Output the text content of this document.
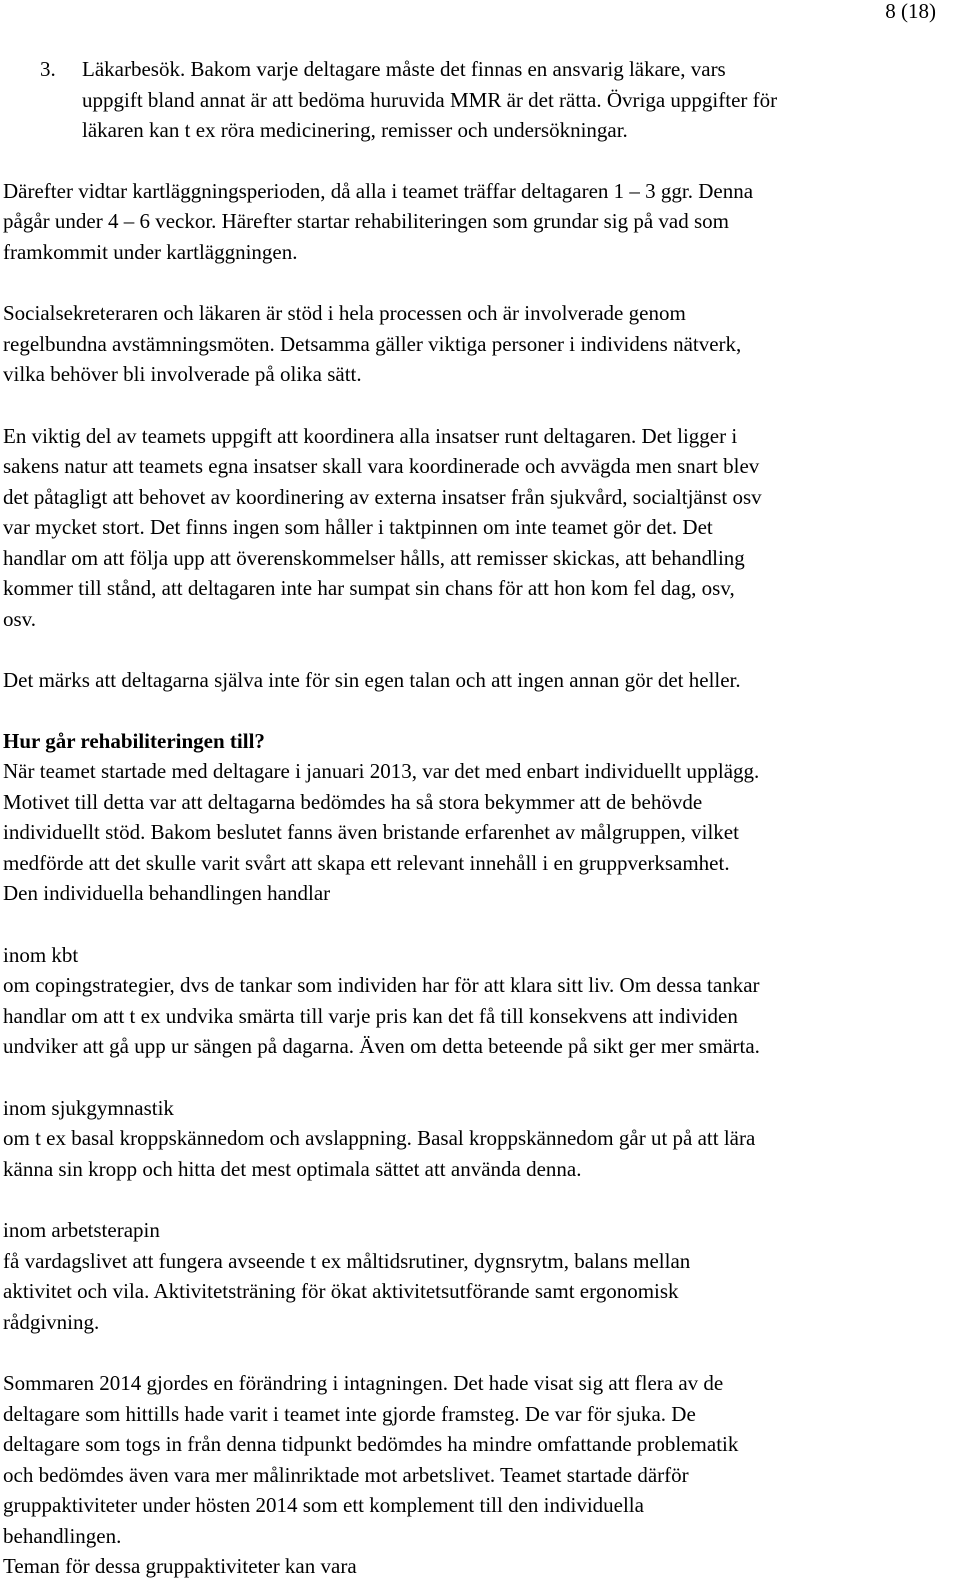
8 (18)
3.	Läkarbesök. Bakom varje deltagare måste det finnas en ansvarig läkare, vars
uppgift bland annat är att bedöma huruvida MMR är det rätta. Övriga uppgifter för
läkaren kan t ex röra medicinering, remisser och undersökningar.

Därefter vidtar kartläggningsperioden, då alla i teamet träffar deltagaren 1 – 3 ggr. Denna
pågår under 4 – 6 veckor. Härefter startar rehabiliteringen som grundar sig på vad som
framkommit under kartläggningen.

Socialsekreteraren och läkaren är stöd i hela processen och är involverade genom
regelbundna avstämningsmöten. Detsamma gäller viktiga personer i individens nätverk,
vilka behöver bli involverade på olika sätt.

En viktig del av teamets uppgift att koordinera alla insatser runt deltagaren. Det ligger i
sakens natur att teamets egna insatser skall vara koordinerade och avvägda men snart blev
det påtagligt att behovet av koordinering av externa insatser från sjukvård, socialtjänst osv
var mycket stort. Det finns ingen som håller i taktpinnen om inte teamet gör det. Det
handlar om att följa upp att överenskommelser hålls, att remisser skickas, att behandling
kommer till stånd, att deltagaren inte har sumpat sin chans för att hon kom fel dag, osv,
osv.

Det märks att deltagarna själva inte för sin egen talan och att ingen annan gör det heller.

Hur går rehabiliteringen till?

När teamet startade med deltagare i januari 2013, var det med enbart individuellt upplägg.
Motivet till detta var att deltagarna bedömdes ha så stora bekymmer att de behövde
individuellt stöd. Bakom beslutet fanns även bristande erfarenhet av målgruppen, vilket
medförde att det skulle varit svårt att skapa ett relevant innehåll i en gruppverksamhet.
Den individuella behandlingen handlar

inom kbt
om copingstrategier, dvs de tankar som individen har för att klara sitt liv. Om dessa tankar
handlar om att t ex undvika smärta till varje pris kan det få till konsekvens att individen
undviker att gå upp ur sängen på dagarna. Även om detta beteende på sikt ger mer smärta.

inom sjukgymnastik
om t ex basal kroppskännedom och avslappning. Basal kroppskännedom går ut på att lära
känna sin kropp och hitta det mest optimala sättet att använda denna.

inom arbetsterapin
få vardagslivet att fungera avseende t ex måltidsrutiner, dygnsrytm, balans mellan
aktivitet och vila. Aktivitetsträning för ökat aktivitetsutförande samt ergonomisk
rådgivning.

Sommaren 2014 gjordes en förändring i intagningen. Det hade visat sig att flera av de
deltagare som hittills hade varit i teamet inte gjorde framsteg. De var för sjuka. De
deltagare som togs in från denna tidpunkt bedömdes ha mindre omfattande problematik
och bedömdes även vara mer målinriktade mot arbetslivet. Teamet startade därför
gruppaktiviteter under hösten 2014 som ett komplement till den individuella
behandlingen.
Teman för dessa gruppaktiviteter kan vara
